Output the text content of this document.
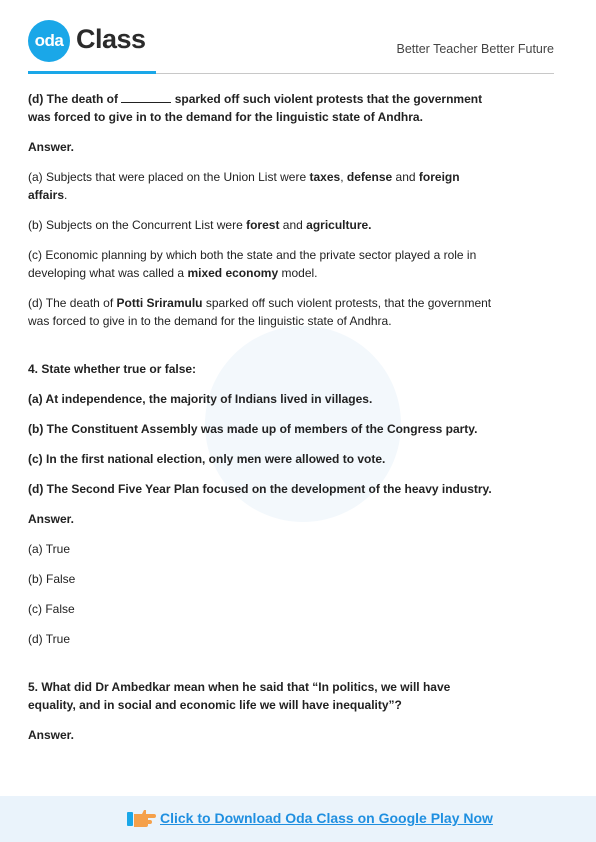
oda Class	Better Teacher Better Future

(d) The death of	sparked off such violent protests that the government was forced to give in to the demand for the linguistic state of Andhra.

Answer.

(a) Subjects that were placed on the Union List were taxes, defense and foreign affairs.

(b) Subjects on the Concurrent List were forest and agriculture.

(c) Economic planning by which both the state and the private sector played a role in developing what was called a mixed economy model.

(d) The death of Potti Sriramulu sparked off such violent protests, that the government was forced to give in to the demand for the linguistic state of Andhra.

4. State whether true or false:

(a) At independence, the majority of Indians lived in villages.

(b) The Constituent Assembly was made up of members of the Congress party.

(c) In the first national election, only men were allowed to vote.

(d) The Second Five Year Plan focused on the development of the heavy industry.

Answer.

(a) True

(b) False

(c) False

(d) True

5. What did Dr Ambedkar mean when he said that “In politics, we will have equality, and in social and economic life we will have inequality”?

Answer.

Click to Download Oda Class on Google Play Now
